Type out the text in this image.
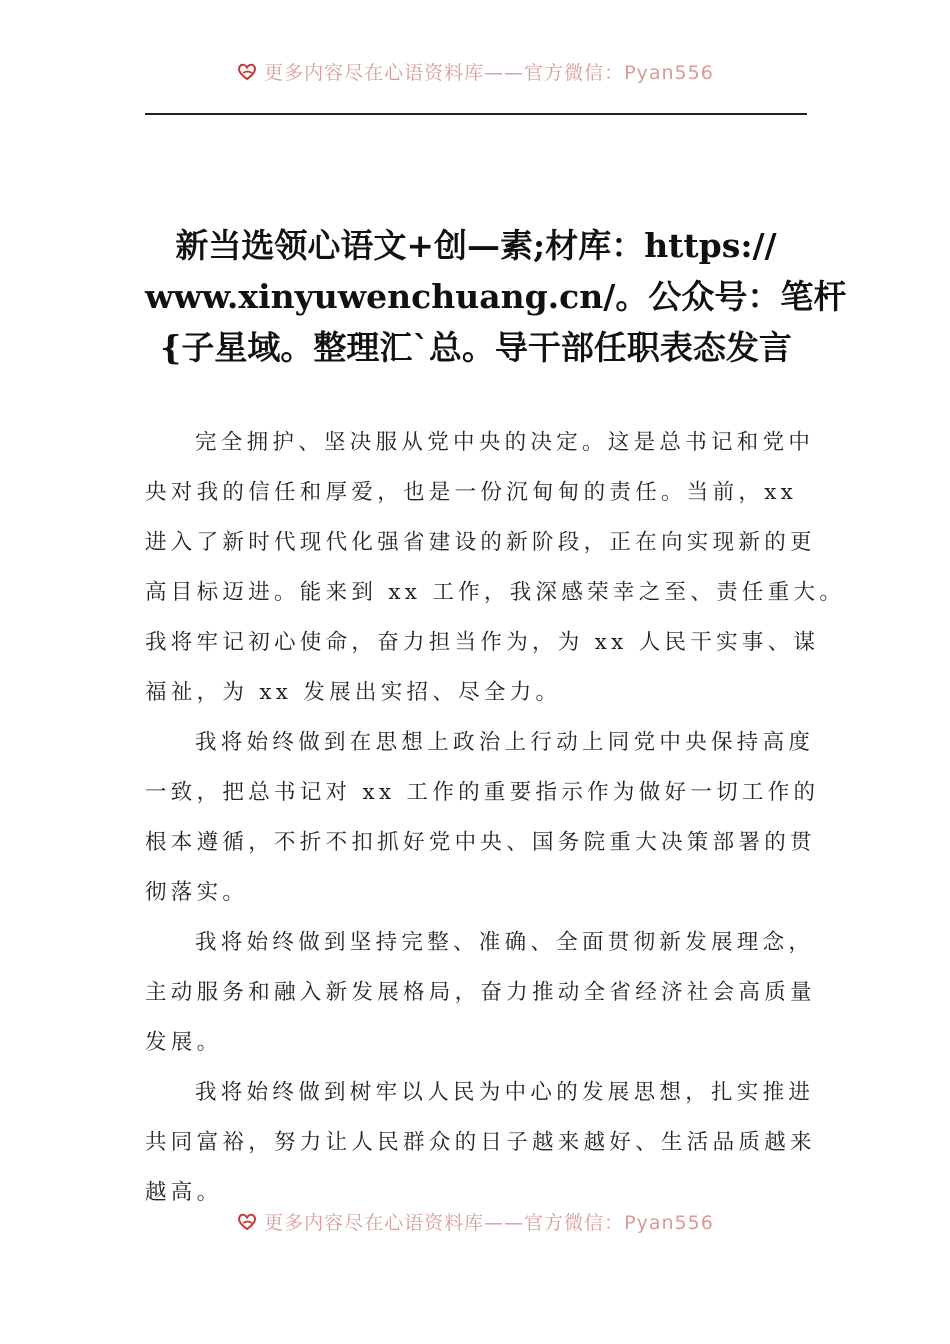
更多内容尽在心语资料库——官方微信：Pyan556
新当选领心语文+创—素;材库：https://
www.xinyuwenchuang.cn/。公众号：笔杆
{子星域。整理汇`总。导干部任职表态发言

完全拥护、坚决服从党中央的决定。这是总书记和党中
央对我的信任和厚爱，也是一份沉甸甸的责任。当前，xx
进入了新时代现代化强省建设的新阶段，正在向实现新的更
高目标迈进。能来到 xx 工作，我深感荣幸之至、责任重大。
我将牢记初心使命，奋力担当作为，为 xx 人民干实事、谋
福祉，为 xx 发展出实招、尽全力。

我将始终做到在思想上政治上行动上同党中央保持高度
一致，把总书记对 xx 工作的重要指示作为做好一切工作的
根本遵循，不折不扣抓好党中央、国务院重大决策部署的贯
彻落实。

我将始终做到坚持完整、准确、全面贯彻新发展理念，
主动服务和融入新发展格局，奋力推动全省经济社会高质量
发展。

我将始终做到树牢以人民为中心的发展思想，扎实推进
共同富裕，努力让人民群众的日子越来越好、生活品质越来
越高。

更多内容尽在心语资料库——官方微信：Pyan556
